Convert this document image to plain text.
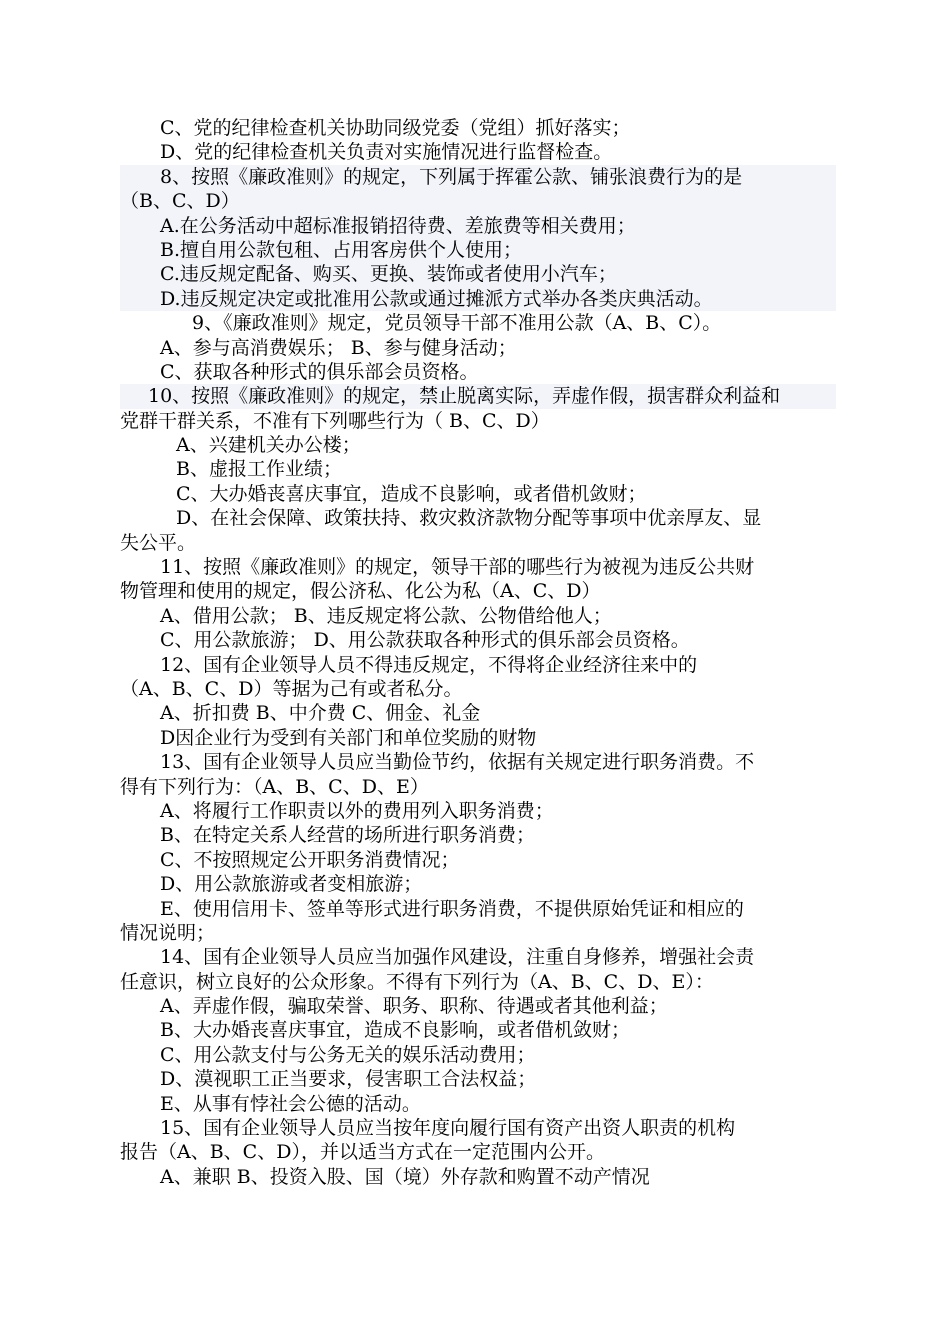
C、党的纪律检查机关协助同级党委（党组）抓好落实；
D、党的纪律检查机关负责对实施情况进行监督检查。
8、按照《廉政准则》的规定，下列属于挥霍公款、铺张浪费行为的是
（B、C、D）
A.在公务活动中超标准报销招待费、差旅费等相关费用；
B.擅自用公款包租、占用客房供个人使用；
C.违反规定配备、购买、更换、装饰或者使用小汽车；
D.违反规定决定或批准用公款或通过摊派方式举办各类庆典活动。
9、《廉政准则》规定，党员领导干部不准用公款（A、B、C）。
A、参与高消费娱乐； B、参与健身活动；
C、获取各种形式的俱乐部会员资格。
10、按照《廉政准则》的规定，禁止脱离实际，弄虚作假，损害群众利益和
党群干群关系，不准有下列哪些行为（ B、C、D）
A、兴建机关办公楼；
B、虚报工作业绩；
C、大办婚丧喜庆事宜，造成不良影响，或者借机敛财；
D、在社会保障、政策扶持、救灾救济款物分配等事项中优亲厚友、显
失公平。
11、按照《廉政准则》的规定，领导干部的哪些行为被视为违反公共财
物管理和使用的规定，假公济私、化公为私（A、C、D）
A、借用公款； B、违反规定将公款、公物借给他人；
C、用公款旅游； D、用公款获取各种形式的俱乐部会员资格。
12、国有企业领导人员不得违反规定，不得将企业经济往来中的
（A、B、C、D）等据为己有或者私分。
A、折扣费 B、中介费 C、佣金、礼金
D因企业行为受到有关部门和单位奖励的财物
13、国有企业领导人员应当勤俭节约，依据有关规定进行职务消费。不
得有下列行为：（A、B、C、D、E）
A、将履行工作职责以外的费用列入职务消费；
B、在特定关系人经营的场所进行职务消费；
C、不按照规定公开职务消费情况；
D、用公款旅游或者变相旅游；
E、使用信用卡、签单等形式进行职务消费，不提供原始凭证和相应的
情况说明；
14、国有企业领导人员应当加强作风建设，注重自身修养，增强社会责
任意识，树立良好的公众形象。不得有下列行为（A、B、C、D、E）：
A、弄虚作假，骗取荣誉、职务、职称、待遇或者其他利益；
B、大办婚丧喜庆事宜，造成不良影响，或者借机敛财；
C、用公款支付与公务无关的娱乐活动费用；
D、漠视职工正当要求，侵害职工合法权益；
E、从事有悖社会公德的活动。
15、国有企业领导人员应当按年度向履行国有资产出资人职责的机构
报告（A、B、C、D），并以适当方式在一定范围内公开。
A、兼职 B、投资入股、国（境）外存款和购置不动产情况
